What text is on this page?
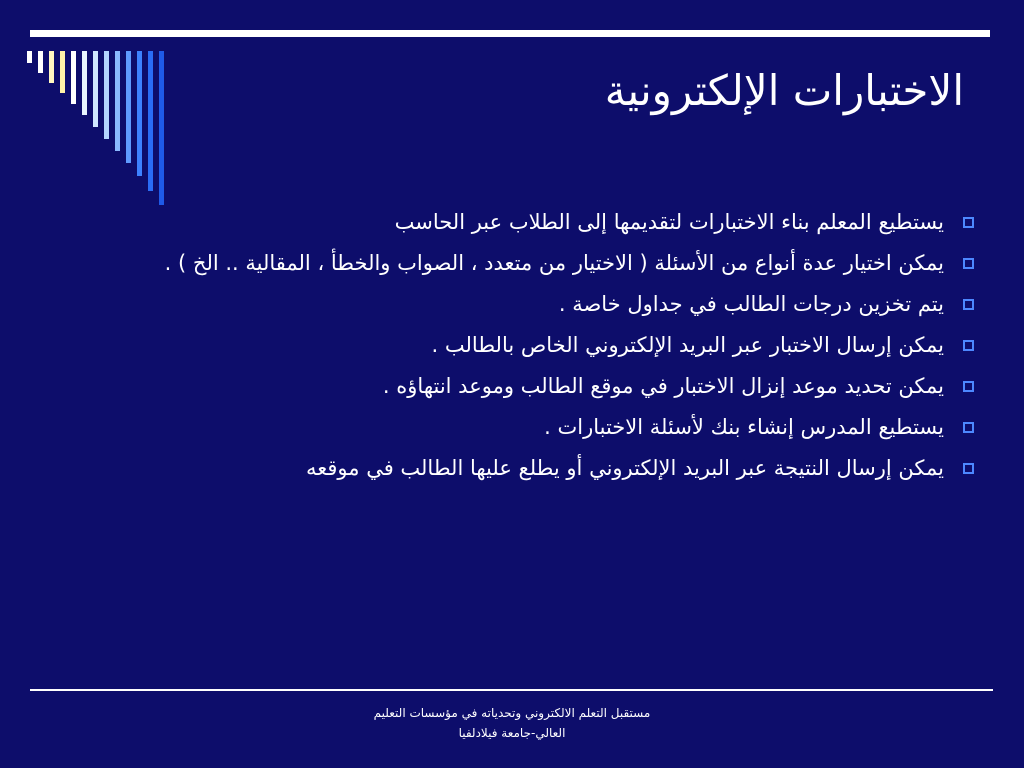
الاختبارات الإلكترونية
يستطيع المعلم بناء الاختبارات لتقديمها إلى الطلاب عبر الحاسب
يمكن اختيار عدة أنواع من الأسئلة ( الاختيار من متعدد ، الصواب والخطأ ، المقالية .. الخ ) .
يتم تخزين درجات الطالب في جداول خاصة .
يمكن إرسال الاختبار عبر البريد الإلكتروني الخاص بالطالب .
يمكن تحديد موعد إنزال الاختبار في موقع الطالب وموعد انتهاؤه .
يستطيع المدرس إنشاء بنك لأسئلة الاختبارات .
يمكن إرسال النتيجة عبر البريد الإلكتروني أو يطلع عليها الطالب في موقعه
مستقبل التعلم الالكتروني وتحدياته في مؤسسات التعليم
العالي-جامعة فيلادلفيا
